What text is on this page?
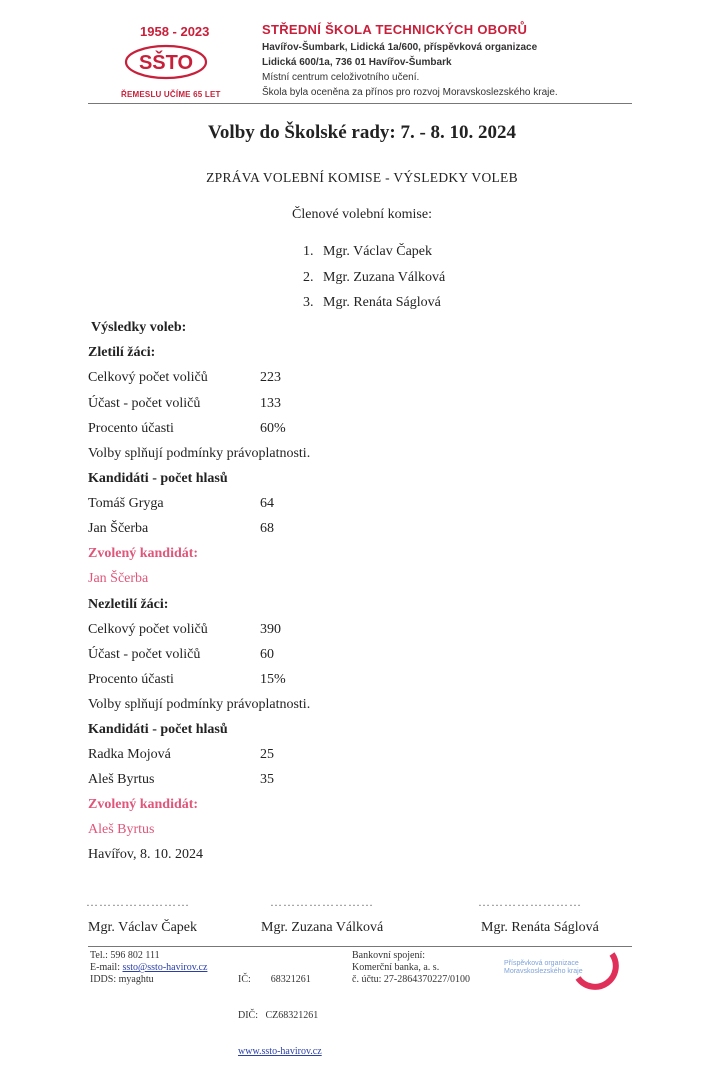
1958 - 2023
SŠTO
ŘEMESLU UČÍME 65 LET
STŘEDNÍ ŠKOLA TECHNICKÝCH OBORŮ
Havířov-Šumbark, Lidická 1a/600, příspěvková organizace
Lidická 600/1a, 736 01 Havířov-Šumbark
Místní centrum celoživotního učení.
Škola byla oceněna za přínos pro rozvoj Moravskoslezského kraje.
Volby do Školské rady: 7. - 8. 10. 2024
ZPRÁVA VOLEBNÍ KOMISE - VÝSLEDKY VOLEB
Členové volební komise:
1. Mgr. Václav Čapek
2. Mgr. Zuzana Válková
3. Mgr. Renáta Ságlová
Výsledky voleb:
Zletilí žáci:
Celkový počet voličů	223
Účast - počet voličů	133
Procento účasti	60%
Volby splňují podmínky právoplatnosti.
Kandidáti - počet hlasů
Tomáš Gryga	64
Jan Ščerba	68
Zvolený kandidát:
Jan Ščerba
Nezletilí žáci:
Celkový počet voličů	390
Účast - počet voličů	60
Procento účasti	15%
Volby splňují podmínky právoplatnosti.
Kandidáti - počet hlasů
Radka Mojová	25
Aleš Byrtus	35
Zvolený kandidát:
Aleš Byrtus
Havířov, 8. 10. 2024
……………………	……………………	……………………
Mgr. Václav Čapek	Mgr. Zuzana Válková	Mgr. Renáta Ságlová
Tel.: 596 802 111
E-mail: ssto@ssto-havirov.cz
IDDS: myaghtu

	IČ:        68321261

DIČ:   CZ68321261

www.ssto-havirov.cz

Bankovní spojení:
Komerční banka, a. s.
č. účtu: 27-2864370227/0100
Příspěvková organizace Moravskoslezského kraje
